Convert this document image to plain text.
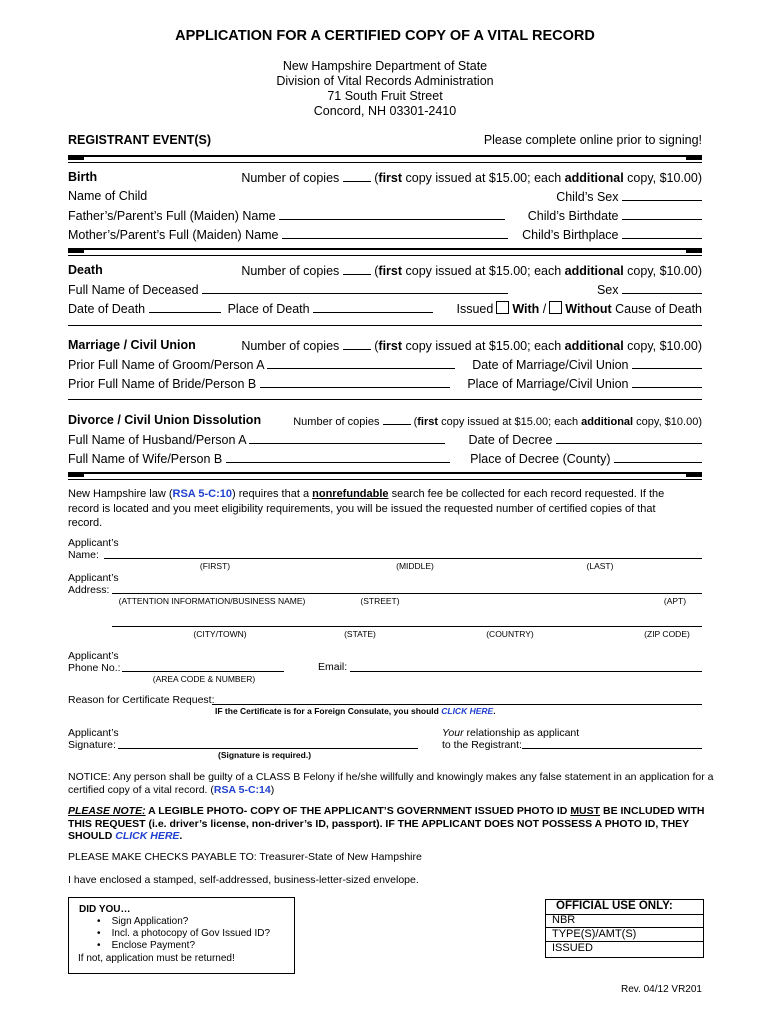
APPLICATION FOR A CERTIFIED COPY OF A VITAL RECORD
New Hampshire Department of State
Division of Vital Records Administration
71 South Fruit Street
Concord, NH 03301-2410
REGISTRANT EVENT(S)	Please complete online prior to signing!
Birth	Number of copies	(first copy issued at $15.00; each additional copy, $10.00)
Name of Child	Child’s Sex
Father’s/Parent’s Full (Maiden) Name	Child’s Birthdate
Mother’s/Parent’s Full (Maiden) Name	Child’s Birthplace
Death	Number of copies	(first copy issued at $15.00; each additional copy, $10.00)
Full Name of Deceased	Sex
Date of Death	Place of Death	Issued With / Without Cause of Death
Marriage / Civil Union	Number of copies	(first copy issued at $15.00; each additional copy, $10.00)
Prior Full Name of Groom/Person A	Date of Marriage/Civil Union
Prior Full Name of Bride/Person B	Place of Marriage/Civil Union
Divorce / Civil Union Dissolution	Number of copies	(first copy issued at $15.00; each additional copy, $10.00)
Full Name of Husband/Person A	Date of Decree
Full Name of Wife/Person B	Place of Decree (County)
New Hampshire law (RSA 5-C:10) requires that a nonrefundable search fee be collected for each record requested. If the
record is located and you meet eligibility requirements, you will be issued the requested number of certified copies of that
record.
Applicant’s
Name:
(FIRST)	(MIDDLE)	(LAST)
Applicant’s
Address:
(ATTENTION INFORMATION/BUSINESS NAME)	(STREET)	(APT)
(CITY/TOWN)	(STATE)	(COUNTRY)	(ZIP CODE)
Applicant’s
Phone No.:
(AREA CODE & NUMBER)
Email:
Reason for Certificate Request:
IF the Certificate is for a Foreign Consulate, you should CLICK HERE.
Applicant’s
Signature:
(Signature is required.)
Your relationship as applicant
to the Registrant:
NOTICE: Any person shall be guilty of a CLASS B Felony if he/she willfully and knowingly makes any false statement in an application for a
certified copy of a vital record. (RSA 5-C:14)
PLEASE NOTE: A LEGIBLE PHOTO- COPY OF THE APPLICANT’S GOVERNMENT ISSUED PHOTO ID MUST BE INCLUDED WITH
THIS REQUEST (i.e. driver’s license, non-driver’s ID, passport). IF THE APPLICANT DOES NOT POSSESS A PHOTO ID, THEY
SHOULD CLICK HERE.
PLEASE MAKE CHECKS PAYABLE TO: Treasurer-State of New Hampshire
I have enclosed a stamped, self-addressed, business-letter-sized envelope.
DID YOU…
•    Sign Application?
•    Incl. a photocopy of Gov Issued ID?
•    Enclose Payment?
If not, application must be returned!
OFFICIAL USE ONLY:
NBR
TYPE(S)/AMT(S)
ISSUED
Rev. 04/12 VR201
